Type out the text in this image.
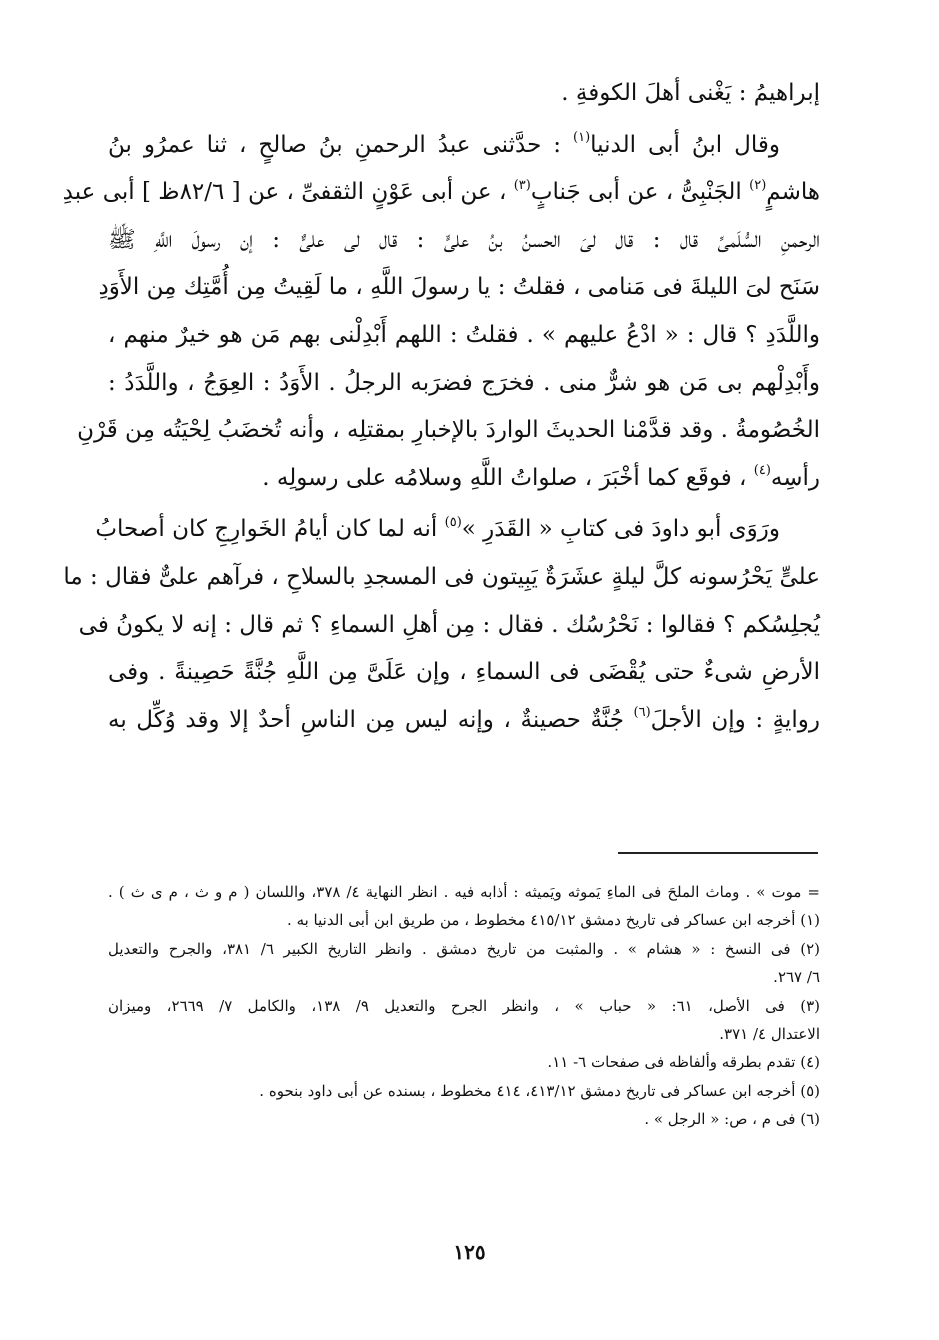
إبراهيمُ : يَغْنى أهلَ الكوفةِ .
وقال ابنُ أبى الدنيا$^{(١)}$ : حدَّثنى عبدُ الرحمنِ بنُ صالحٍ ، ثنا عمرُو بنُ
هاشمٍ$^{(٢)}$ الجَنْبِىُّ ، عن أبى جَنابٍ$^{(٣)}$ ، عن أبى عَوْنٍ الثقفىِّ ، عن [ ٨٢/٦ظ ] أبى عبدِ
الرحمنِ السُّلَمىِّ قال : قال لىَ الحسنُ بنُ علىٍّ : قال لى علىٌّ : إن رسولَ اللَّهِ ﷺ
سَنَح لىَ الليلةَ فى مَنامى ، فقلتُ : يا رسولَ اللَّهِ ، ما لَقِيتُ مِن أُمَّتِك مِن الأَوَدِ
واللَّدَدِ ؟ قال : « ادْعُ عليهم » . فقلتُ : اللهم أَبْدِلْنى بهم مَن هو خيرٌ منهم ،
وأَبْدِلْهم بى مَن هو شرٌّ منى . فخرَج فضرَبه الرجلُ . الأَوَدُ : العِوَجُ ، واللَّدَدُ :
الخُصُومةُ . وقد قدَّمْنا الحديثَ الواردَ بالإخبارِ بمقتلِه ، وأنه تُخضَبُ لِحْيَتُه مِن قَرْنِ
رأسِه$^{(٤)}$ ، فوقَع كما أخْبَرَ ، صلواتُ اللَّهِ وسلامُه على رسولِه .
ورَوَى أبو داودَ فى كتابِ « القَدَرِ »$^{(٥)}$ أنه لما كان أيامُ الخَوارِجِ كان أصحابُ
علىٍّ يَحْرُسونه كلَّ ليلةٍ عشَرَةٌ يَبِيتون فى المسجدِ بالسلاحِ ، فرآهم علىٌّ فقال : ما
يُجلِسُكم ؟ فقالوا : نَحْرُسُك . فقال : مِن أهلِ السماءِ ؟ ثم قال : إنه لا يكونُ فى
الأرضِ شىءٌ حتى يُقْضَى فى السماءِ ، وإن عَلَىَّ مِن اللَّهِ جُنَّةً حَصِينةً . وفى
روايةٍ : وإن الأجلَ$^{(٦)}$ جُنَّةٌ حصينةٌ ، وإنه ليس مِن الناسِ أحدٌ إلا وقد وُكِّل به
= موت » . وماث الملحَ فى الماءِ يَموثه ويَميثه : أذابه فيه . انظر النهاية ٤/ ٣٧٨، واللسان ( م و ث ، م ى ث ) .
(١) أخرجه ابن عساكر فى تاريخ دمشق ٤١٥/١٢ مخطوط ، من طريق ابن أبى الدنيا به .
(٢) فى النسخ : « هشام » . والمثبت من تاريخ دمشق . وانظر التاريخ الكبير ٦/ ٣٨١، والجرح والتعديل
٦/ ٢٦٧.
(٣) فى الأصل، ٦١: « حباب » ، وانظر الجرح والتعديل ٩/ ١٣٨، والكامل ٧/ ٢٦٦٩، وميزان
الاعتدال ٤/ ٣٧١.
(٤) تقدم بطرقه وألفاظه فى صفحات ٦- ١١.
(٥) أخرجه ابن عساكر فى تاريخ دمشق ٤١٣/١٢، ٤١٤ مخطوط ، بسنده عن أبى داود بنحوه .
(٦) فى م ، ص: « الرجل » .
١٢٥
